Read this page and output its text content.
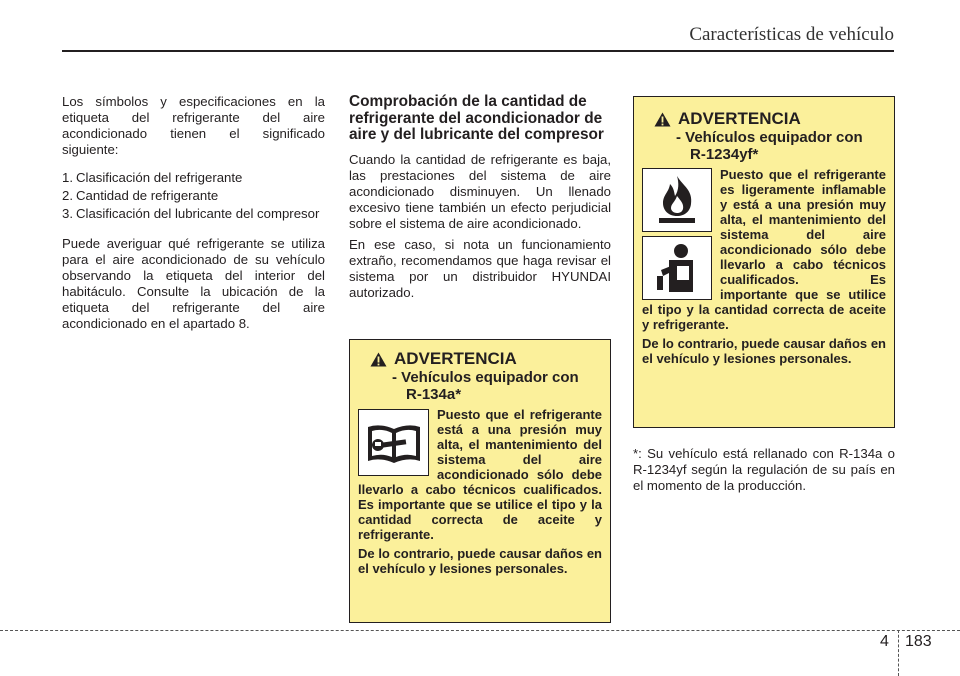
Características de vehículo

Los símbolos y especificaciones en la etiqueta del refrigerante del aire acondicionado tienen el significado siguiente:

1. Clasificación del refrigerante
2. Cantidad de refrigerante
3. Clasificación del lubricante del compresor

Puede averiguar qué refrigerante se utiliza para el aire acondicionado de su vehículo observando la etiqueta del interior del habitáculo. Consulte la ubicación de la etiqueta del refrigerante del aire acondicionado en el apartado 8.

Comprobación de la cantidad de refrigerante del acondicionador de aire y del lubricante del compresor

Cuando la cantidad de refrigerante es baja, las prestaciones del sistema de aire acondicionado disminuyen. Un llenado excesivo tiene también un efecto perjudicial sobre el sistema de aire acondicionado.

En ese caso, si nota un funcionamiento extraño, recomendamos que haga revisar el sistema por un distribuidor HYUNDAI autorizado.

ADVERTENCIA
- Vehículos equipador con
R-134a*
Puesto que el refrigerante está a una presión muy alta, el mantenimiento del sistema del aire acondicionado sólo debe llevarlo a cabo técnicos cualificados. Es importante que se utilice el tipo y la cantidad correcta de aceite y refrigerante.
De lo contrario, puede causar daños en el vehículo y lesiones personales.
ADVERTENCIA
- Vehículos equipador con
R-1234yf*
Puesto que el refrigerante es ligeramente inflamable y está a una presión muy alta, el mantenimiento del sistema del aire acondicionado sólo debe llevarlo a cabo técnicos cualificados. Es importante que se utilice el tipo y la cantidad correcta de aceite y refrigerante.
De lo contrario, puede causar daños en el vehículo y lesiones personales.
*: Su vehículo está rellanado con R-134a o R-1234yf según la regulación de su país en el momento de la producción.
4 183
